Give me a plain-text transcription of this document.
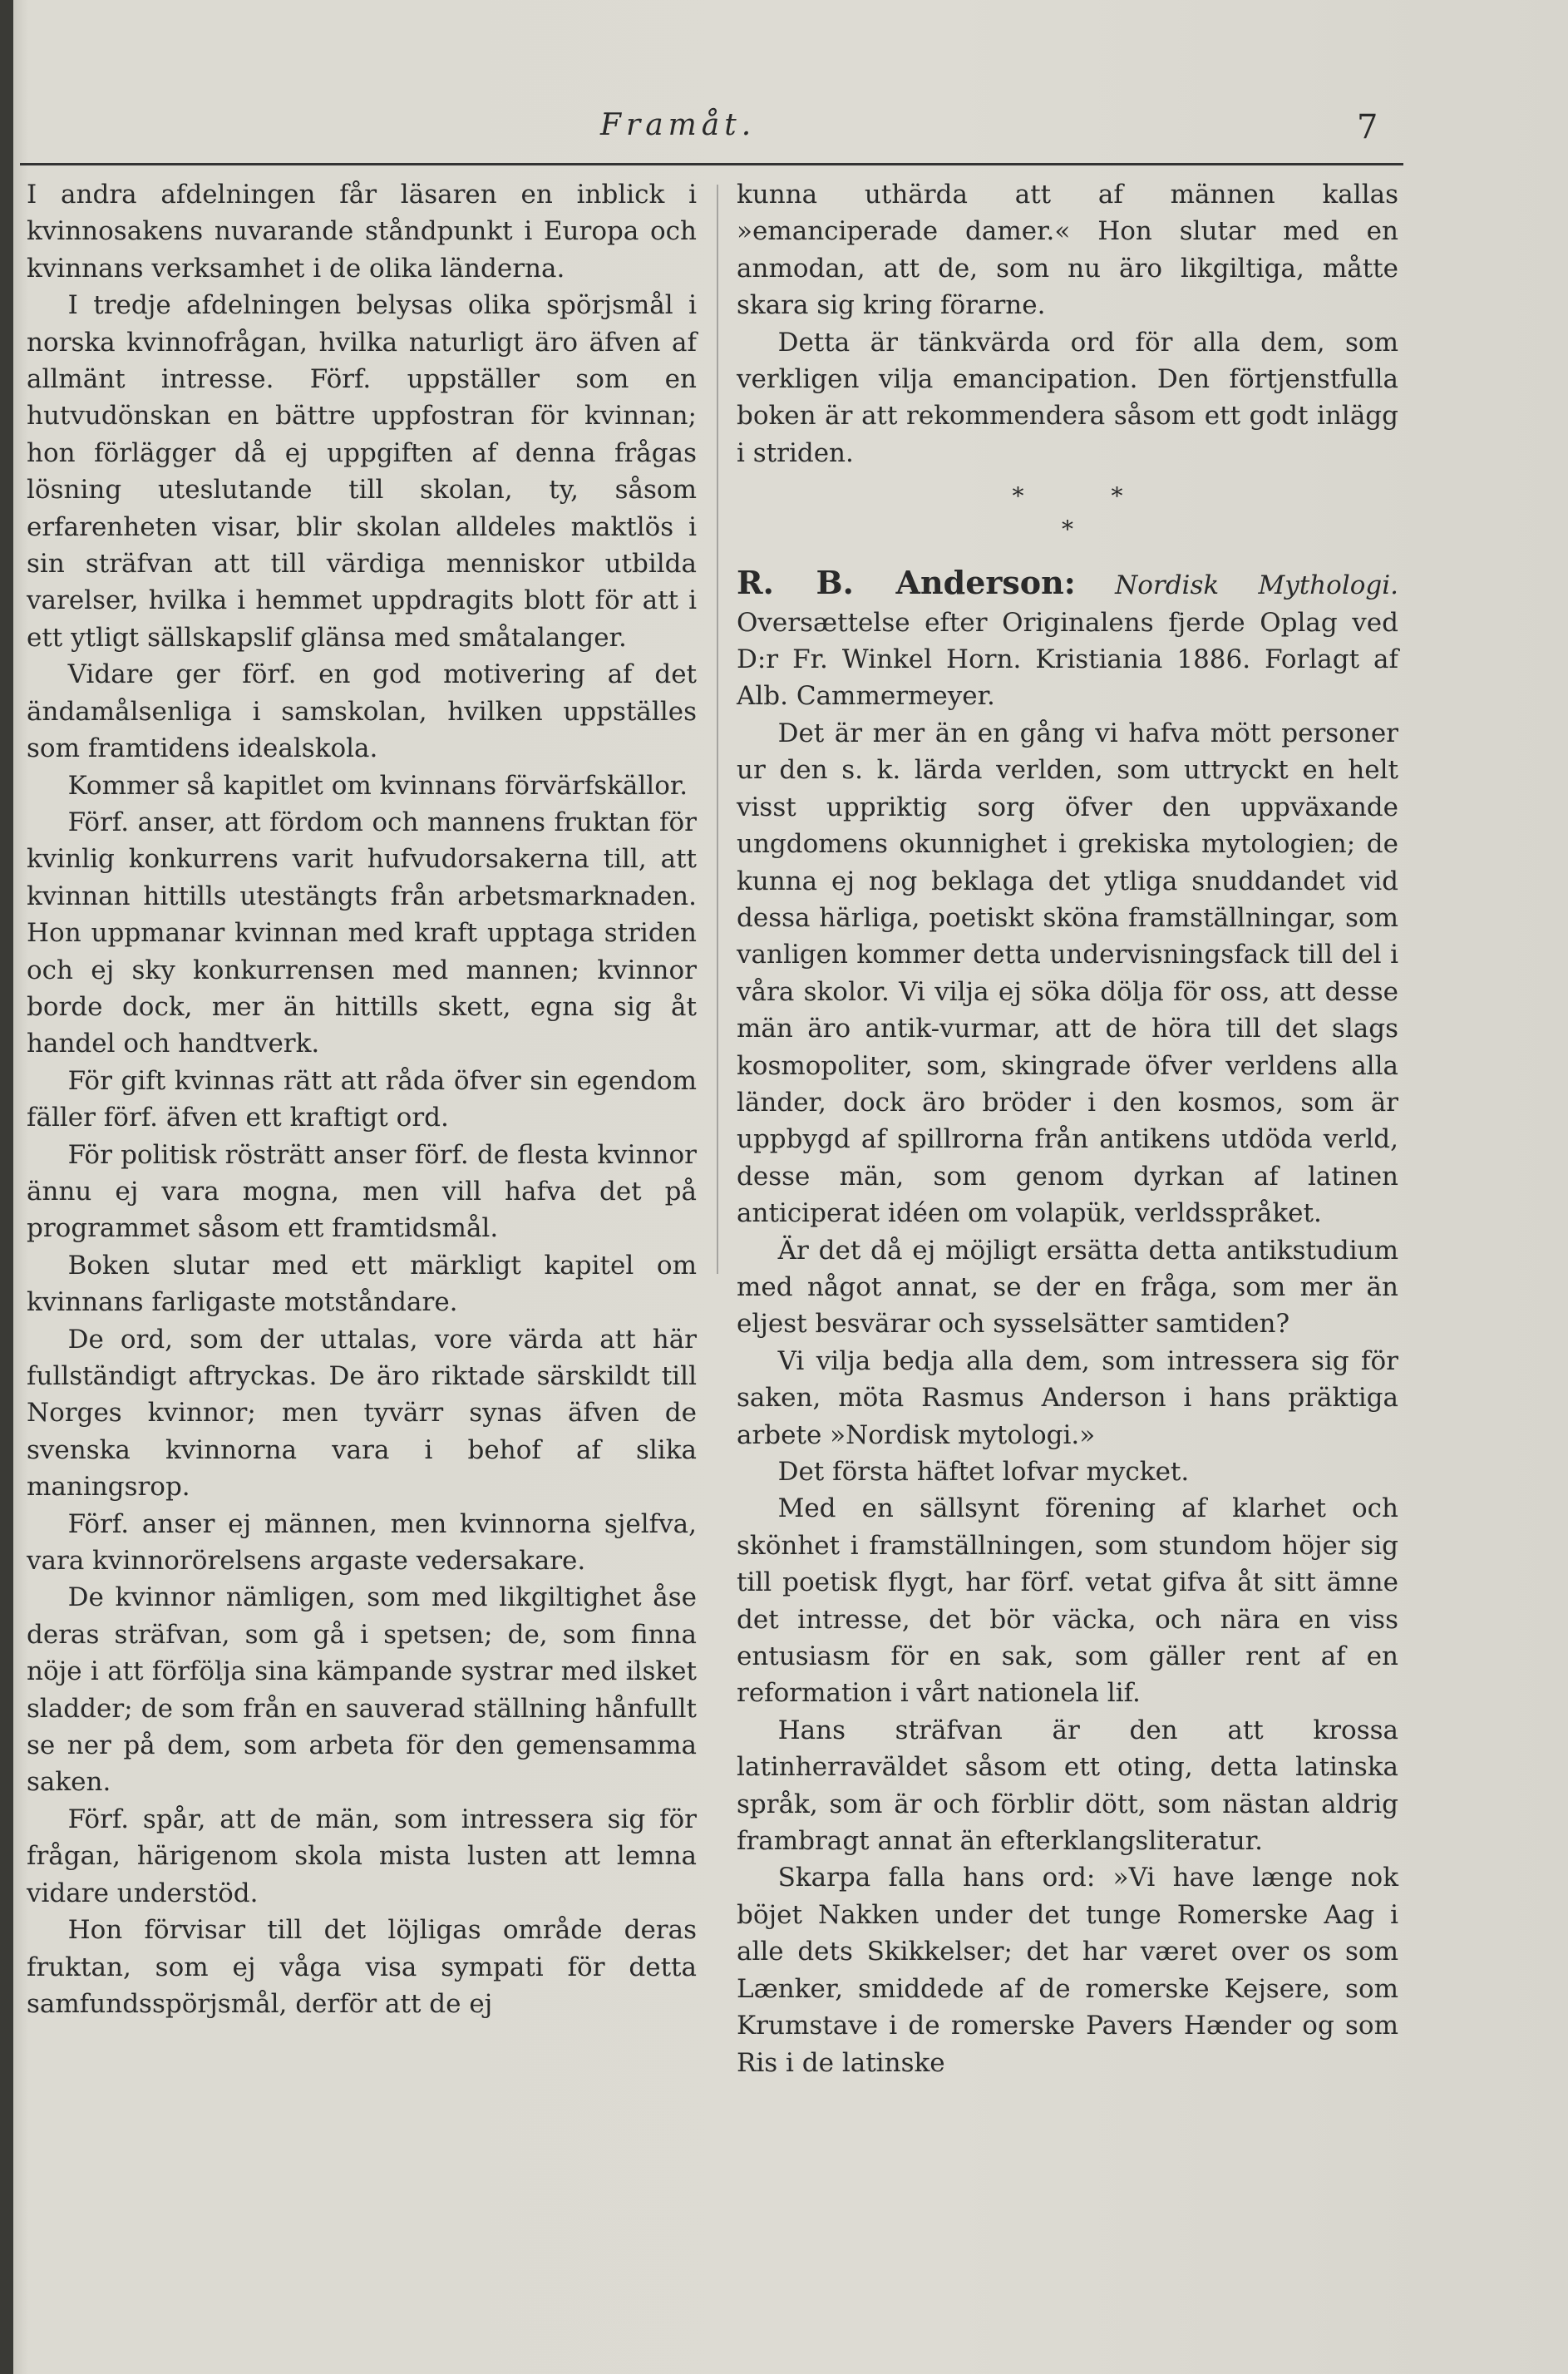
Framåt.	7

I andra afdelningen får läsaren en inblick i kvinnosakens nuvarande ståndpunkt i Europa och kvinnans verksamhet i de olika länderna.

I tredje afdelningen belysas olika spörjsmål i norska kvinnofrågan, hvilka naturligt äro äfven af allmänt intresse. Förf. uppställer som en hutvudönskan en bättre uppfostran för kvinnan; hon förlägger då ej uppgiften af denna frågas lösning uteslutande till skolan, ty, såsom erfarenheten visar, blir skolan alldeles maktlös i sin sträfvan att till värdiga menniskor utbilda varelser, hvilka i hemmet uppdragits blott för att i ett ytligt sällskapslif glänsa med småtalanger.

Vidare ger förf. en god motivering af det ändamålsenliga i samskolan, hvilken uppställes som framtidens idealskola.

Kommer så kapitlet om kvinnans förvärfskällor.

Förf. anser, att fördom och mannens fruktan för kvinlig konkurrens varit hufvudorsakerna till, att kvinnan hittills utestängts från arbetsmarknaden. Hon uppmanar kvinnan med kraft upptaga striden och ej sky konkurrensen med mannen; kvinnor borde dock, mer än hittills skett, egna sig åt handel och handtverk.

För gift kvinnas rätt att råda öfver sin egendom fäller förf. äfven ett kraftigt ord.

För politisk rösträtt anser förf. de flesta kvinnor ännu ej vara mogna, men vill hafva det på programmet såsom ett framtidsmål.

Boken slutar med ett märkligt kapitel om kvinnans farligaste motståndare.

De ord, som der uttalas, vore värda att här fullständigt aftryckas. De äro riktade särskildt till Norges kvinnor; men tyvärr synas äfven de svenska kvinnorna vara i behof af slika maningsrop.

Förf. anser ej männen, men kvinnorna sjelfva, vara kvinnorörelsens argaste vedersakare.

De kvinnor nämligen, som med likgiltighet åse deras sträfvan, som gå i spetsen; de, som finna nöje i att förfölja sina kämpande systrar med ilsket sladder; de som från en sauverad ställning hånfullt se ner på dem, som arbeta för den gemensamma saken.

Förf. spår, att de män, som intressera sig för frågan, härigenom skola mista lusten att lemna vidare understöd.

Hon förvisar till det löjligas område deras fruktan, som ej våga visa sympati för detta samfundsspörjsmål, derför att de ej

kunna uthärda att af männen kallas »emanciperade damer.« Hon slutar med en anmodan, att de, som nu äro likgiltiga, måtte skara sig kring förarne.

Detta är tänkvärda ord för alla dem, som verkligen vilja emancipation. Den förtjenstfulla boken är att rekommendera såsom ett godt inlägg i striden.

*	*
*

R. B. Anderson: Nordisk Mythologi. Oversættelse efter Originalens fjerde Oplag ved D:r Fr. Winkel Horn. Kristiania 1886. Forlagt af Alb. Cammermeyer.

Det är mer än en gång vi hafva mött personer ur den s. k. lärda verlden, som uttryckt en helt visst uppriktig sorg öfver den uppväxande ungdomens okunnighet i grekiska mytologien; de kunna ej nog beklaga det ytliga snuddandet vid dessa härliga, poetiskt sköna framställningar, som vanligen kommer detta undervisningsfack till del i våra skolor. Vi vilja ej söka dölja för oss, att desse män äro antik-vurmar, att de höra till det slags kosmopoliter, som, skingrade öfver verldens alla länder, dock äro bröder i den kosmos, som är uppbygd af spillrorna från antikens utdöda verld, desse män, som genom dyrkan af latinen anticiperat idéen om volapük, verldsspråket.

Är det då ej möjligt ersätta detta antikstudium med något annat, se der en fråga, som mer än eljest besvärar och sysselsätter samtiden?

Vi vilja bedja alla dem, som intressera sig för saken, möta Rasmus Anderson i hans präktiga arbete »Nordisk mytologi.»

Det första häftet lofvar mycket.

Med en sällsynt förening af klarhet och skönhet i framställningen, som stundom höjer sig till poetisk flygt, har förf. vetat gifva åt sitt ämne det intresse, det bör väcka, och nära en viss entusiasm för en sak, som gäller rent af en reformation i vårt nationela lif.

Hans sträfvan är den att krossa latinherraväldet såsom ett oting, detta latinska språk, som är och förblir dött, som nästan aldrig frambragt annat än efterklangsliteratur.

Skarpa falla hans ord: »Vi have længe nok böjet Nakken under det tunge Romerske Aag i alle dets Skikkelser; det har været over os som Lænker, smiddede af de romerske Kejsere, som Krumstave i de romerske Pavers Hænder og som Ris i de latinske
